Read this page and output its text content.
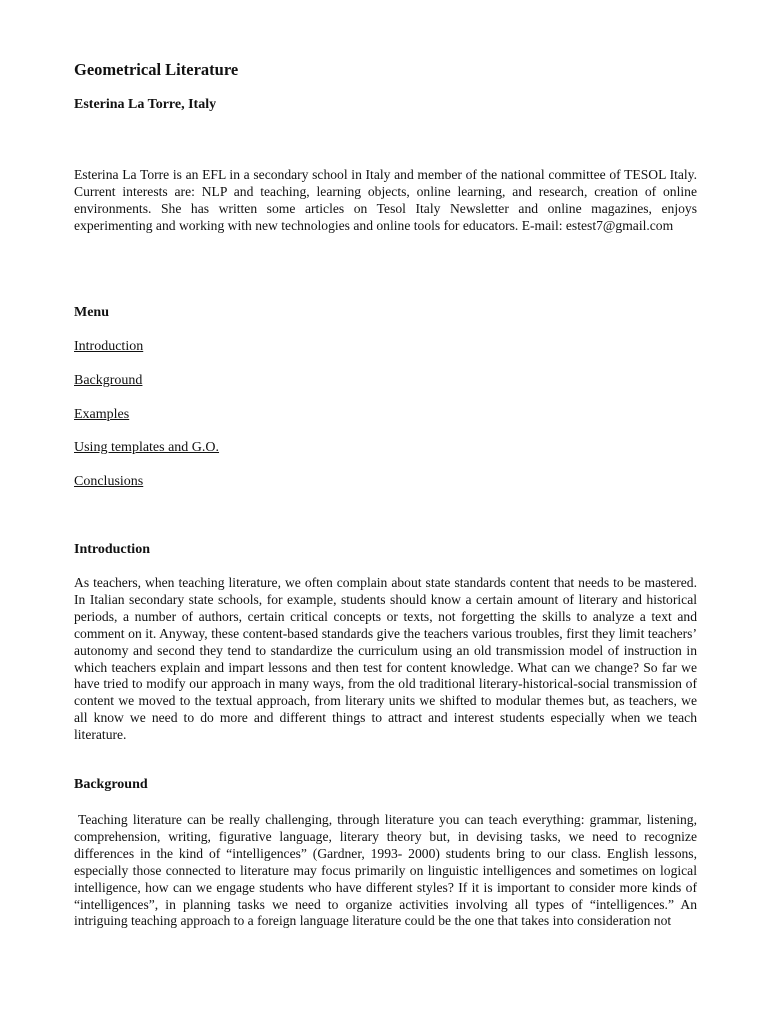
Geometrical Literature
Esterina La Torre, Italy

Esterina La Torre is an EFL in a secondary school in Italy and member of the national committee of TESOL Italy. Current interests are: NLP and teaching, learning objects, online learning, and research, creation of online environments. She has written some articles on Tesol Italy Newsletter and online magazines, enjoys experimenting and working with new technologies and online tools for educators. E-mail: estest7@gmail.com

Menu
Introduction
Background
Examples
Using templates and G.O.
Conclusions
Introduction

As teachers, when teaching literature, we often complain about state standards content that needs to be mastered. In Italian secondary state schools, for example, students should know a certain amount of literary and historical periods, a number of authors, certain critical concepts or texts, not forgetting the skills to analyze a text and comment on it. Anyway, these content-based standards give the teachers various troubles, first they limit teachers’ autonomy and second they tend to standardize the curriculum using an old transmission model of instruction in which teachers explain and impart lessons and then test for content knowledge. What can we change? So far we have tried to modify our approach in many ways, from the old traditional literary-historical-social transmission of content we moved to the textual approach, from literary units we shifted to modular themes but, as teachers, we all know we need to do more and different things to attract and interest students especially when we teach literature.

Background

Teaching literature can be really challenging, through literature you can teach everything: grammar, listening, comprehension, writing, figurative language, literary theory but, in devising tasks, we need to recognize differences in the kind of “intelligences” (Gardner, 1993- 2000) students bring to our class. English lessons, especially those connected to literature may focus primarily on linguistic intelligences and sometimes on logical intelligence, how can we engage students who have different styles? If it is important to consider more kinds of “intelligences”, in planning tasks we need to organize activities involving all types of “intelligences.” An intriguing teaching approach to a foreign language literature could be the one that takes into consideration not
